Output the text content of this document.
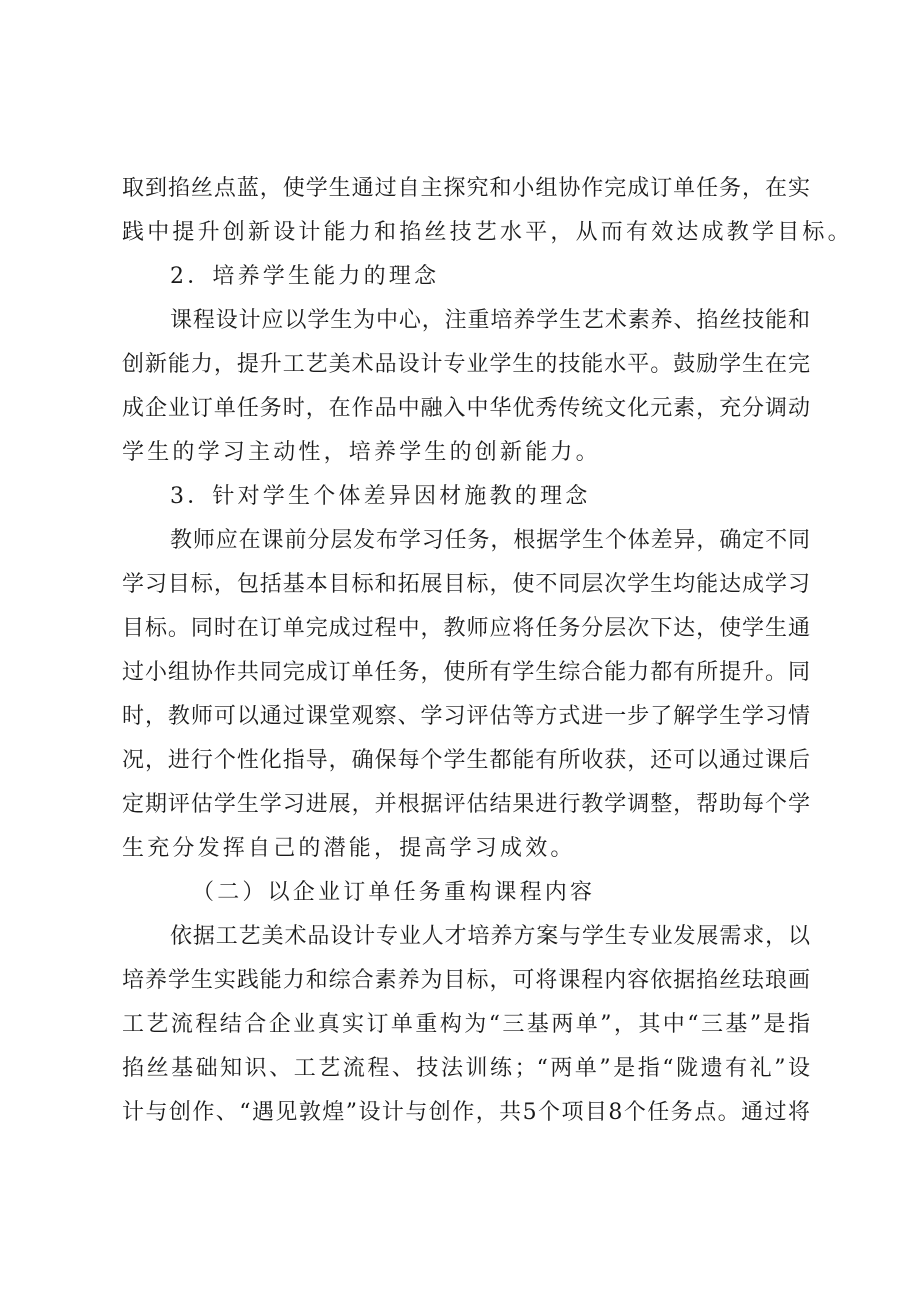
取到掐丝点蓝，使学生通过自主探究和小组协作完成订单任务，在实
践中提升创新设计能力和掐丝技艺水平，从而有效达成教学目标。
2．培养学生能力的理念
课程设计应以学生为中心，注重培养学生艺术素养、掐丝技能和
创新能力，提升工艺美术品设计专业学生的技能水平。鼓励学生在完
成企业订单任务时，在作品中融入中华优秀传统文化元素，充分调动
学生的学习主动性，培养学生的创新能力。
3．针对学生个体差异因材施教的理念
教师应在课前分层发布学习任务，根据学生个体差异，确定不同
学习目标，包括基本目标和拓展目标，使不同层次学生均能达成学习
目标。同时在订单完成过程中，教师应将任务分层次下达，使学生通
过小组协作共同完成订单任务，使所有学生综合能力都有所提升。同
时，教师可以通过课堂观察、学习评估等方式进一步了解学生学习情
况，进行个性化指导，确保每个学生都能有所收获，还可以通过课后
定期评估学生学习进展，并根据评估结果进行教学调整，帮助每个学
生充分发挥自己的潜能，提高学习成效。
（二）以企业订单任务重构课程内容
依据工艺美术品设计专业人才培养方案与学生专业发展需求，以
培养学生实践能力和综合素养为目标，可将课程内容依据掐丝珐琅画
工艺流程结合企业真实订单重构为“三基两单”，其中“三基”是指
掐丝基础知识、工艺流程、技法训练；“两单”是指“陇遗有礼”设
计与创作、“遇见敦煌”设计与创作，共5个项目8个任务点。通过将
